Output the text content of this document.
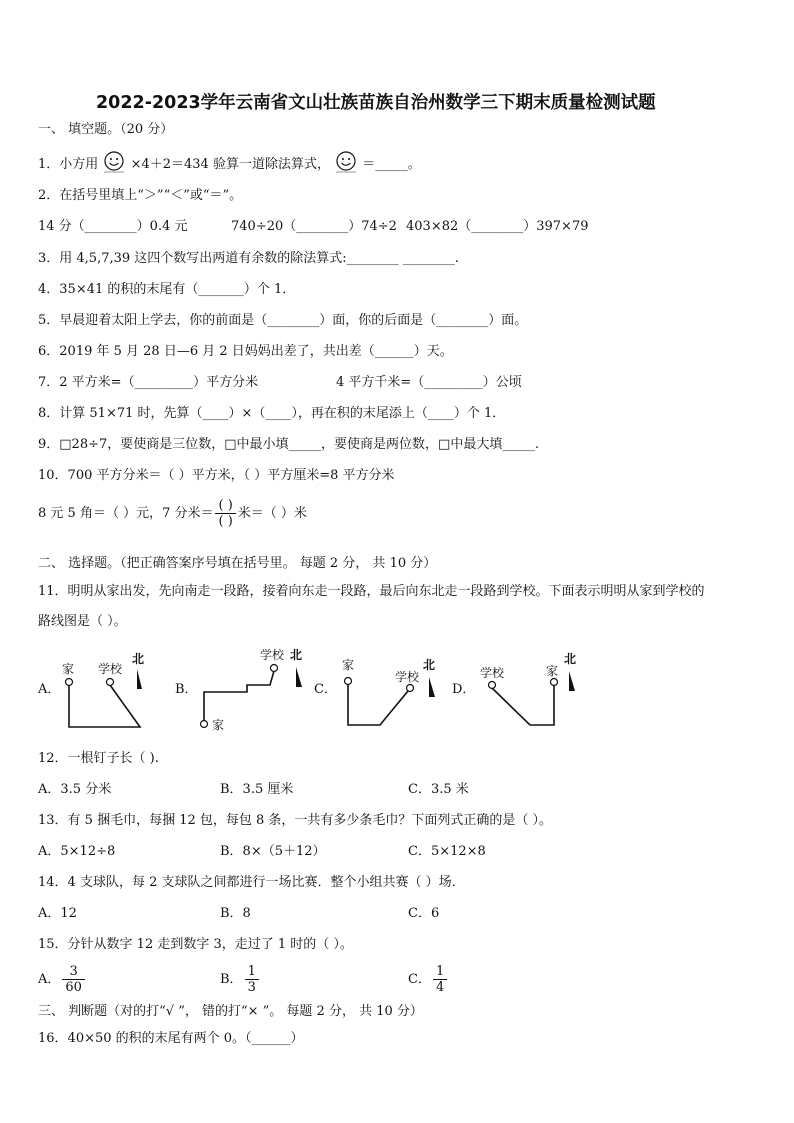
2022-2023学年云南省文山壮族苗族自治州数学三下期末质量检测试题
一、 填空题。（20 分）
1．小方用 ×4＋2＝434 验算一道除法算式， ＝_____。
2．在括号里填上“＞”“＜”或“＝”。
14 分（________）0.4 元	740÷20（________）74÷2 403×82（________）397×79
3．用 4,5,7,39 这四个数写出两道有余数的除法算式:________ ________.
4．35×41 的积的末尾有（_______）个 1．
5．早晨迎着太阳上学去，你的前面是（________）面，你的后面是（________）面。
6．2019 年 5 月 28 日—6 月 2 日妈妈出差了，共出差（______）天。
7．2 平方米=（_________）平方分米	4 平方千米=（_________）公顷
8．计算 51×71 时，先算（____）×（____），再在积的末尾添上（____）个 1．
9．□28÷7，要使商是三位数，□中最小填_____，要使商是两位数，□中最大填_____.
10．700 平方分米＝（ ）平方米，（ ）平方厘米=8 平方分米
8 元 5 角＝（ ）元，7 分米＝ $\frac{( )}{( )}$ 米＝（ ）米
二、 选择题。（把正确答案序号填在括号里。 每题 2 分， 共 10 分）
11．明明从家出发，先向南走一段路，接着向东走一段路，最后向东北走一段路到学校。下面表示明明从家到学校的
路线图是（ ）。
A．	B．	C．	D．
家 学校
北
家
学校 北
家
学校
北
学校	家
北
12．一根钉子长（ ).
A．3.5 分米	B．3.5 厘米	C．3.5 米
13．有 5 捆毛巾，每捆 12 包，每包 8 条，一共有多少条毛巾？下面列式正确的是（ ）。
A．5×12÷8	B．8×（5＋12）	C．5×12×8
14．4 支球队，每 2 支球队之间都进行一场比赛．整个小组共赛（ ）场．
A．12	B．8	C．6
15．分针从数字 12 走到数字 3，走过了 1 时的（ ）。
A． $\frac{3}{60}$	B． $\frac{1}{3}$	C． $\frac{1}{4}$
三、 判断题（对的打“√ ”， 错的打“× ”。 每题 2 分， 共 10 分）
16．40×50 的积的末尾有两个 0。（______）
